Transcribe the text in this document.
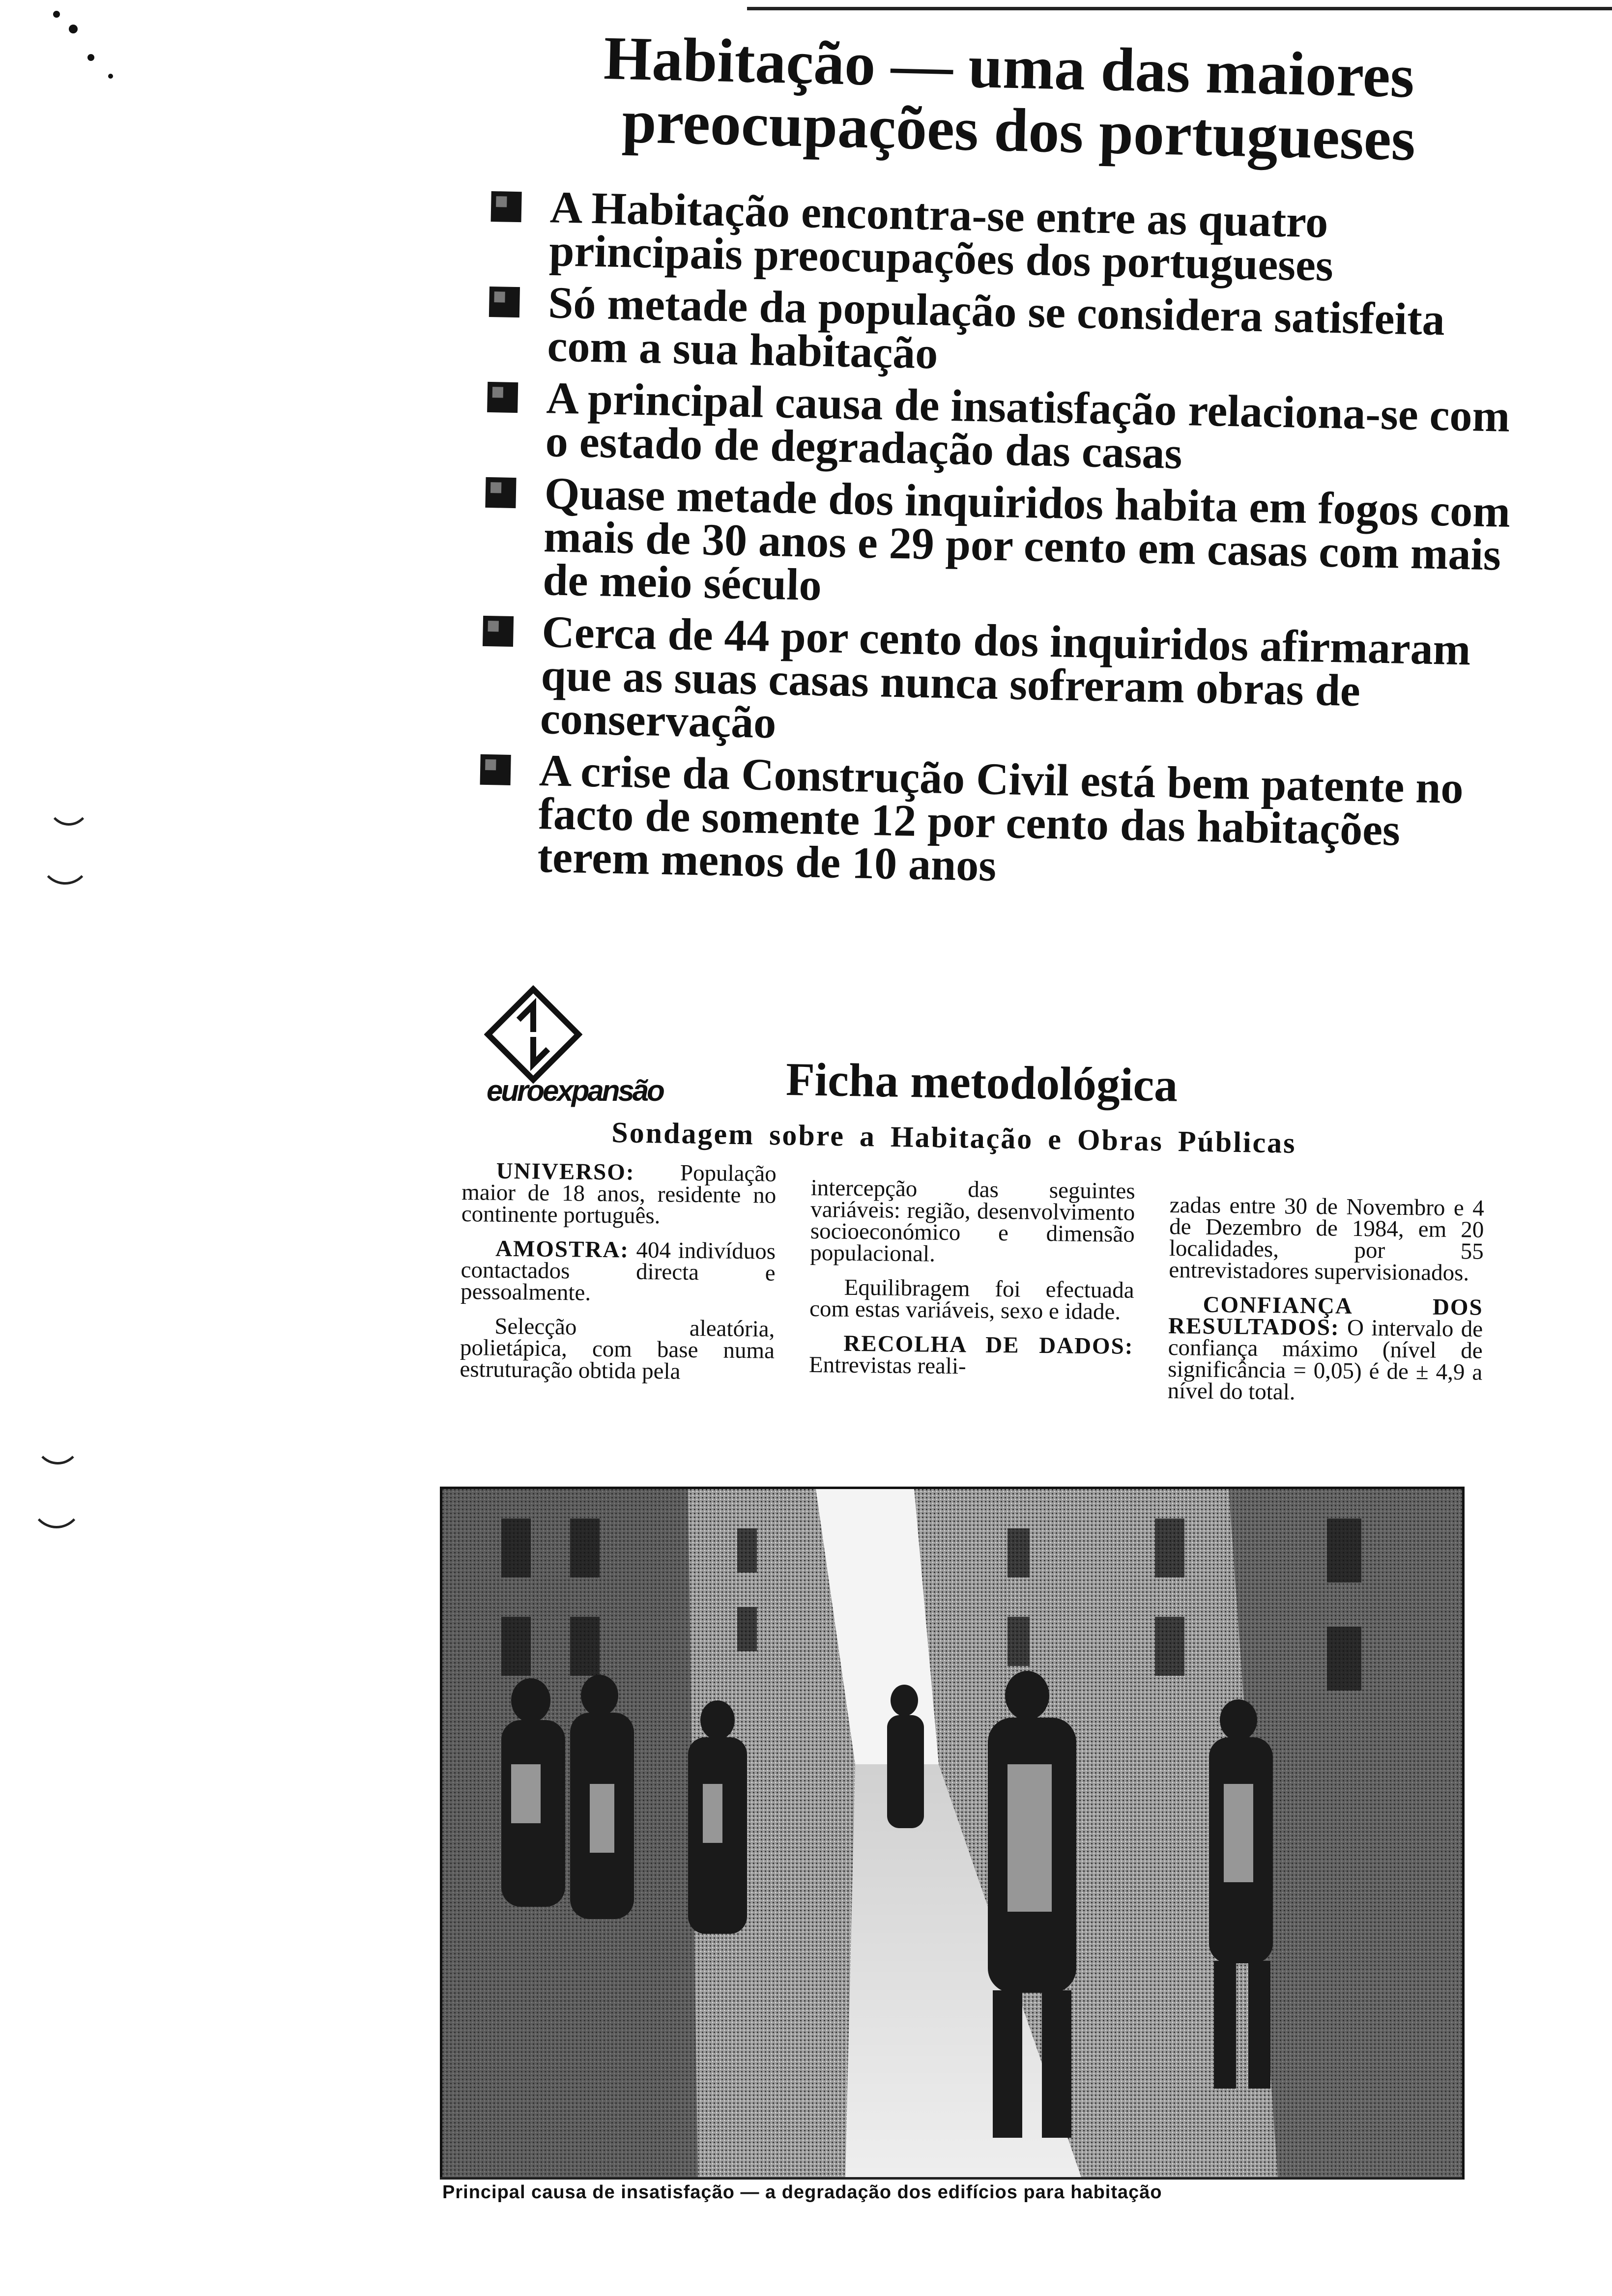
Habitação — uma das maiores
preocupações dos portugueses
A Habitação encontra-se entre as quatro principais preocupações dos portugueses
Só metade da população se considera satisfeita com a sua habitação
A principal causa de insatisfação relaciona-se com o estado de degradação das casas
Quase metade dos inquiridos habita em fogos com mais de 30 anos e 29 por cento em casas com mais de meio século
Cerca de 44 por cento dos inquiridos afirmaram que as suas casas nunca sofreram obras de conservação
A crise da Construção Civil está bem patente no facto de somente 12 por cento das habitações terem menos de 10 anos
euroexpansão	Ficha metodológica
Sondagem sobre a Habitação e Obras Públicas

UNIVERSO: População maior de 18 anos, residente no continente português.

AMOSTRA: 404 indivíduos contactados directa e pessoalmente.

Selecção aleatória, polietápica, com base numa estruturação obtida pela

intercepção das seguintes variáveis: região, desenvolvimento socioeconómico e dimensão populacional.

Equilibragem foi efectuada com estas variáveis, sexo e idade.

RECOLHA DE DADOS: Entrevistas reali-

zadas entre 30 de Novembro e 4 de Dezembro de 1984, em 20 localidades, por 55 entrevistadores supervisionados.

CONFIANÇA DOS RESULTADOS: O intervalo de confiança máximo (nível de significância = 0,05) é de ± 4,9 a nível do total.

Principal causa de insatisfação — a degradação dos edifícios para habitação
